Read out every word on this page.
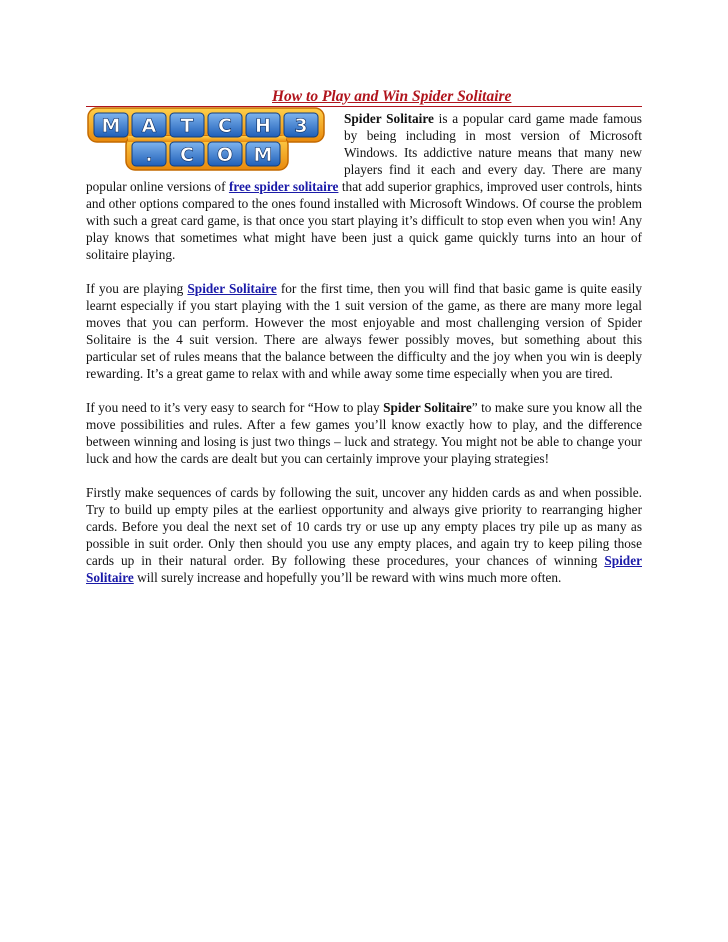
How to Play and Win Spider Solitaire
M A T C H 3
. C O M

Spider Solitaire is a popular card game made famous by being including in most version of Microsoft Windows. Its addictive nature means that many new players find it each and every day. There are many popular online versions of free spider solitaire that add superior graphics, improved user controls, hints and other options compared to the ones found installed with Microsoft Windows. Of course the problem with such a great card game, is that once you start playing it’s difficult to stop even when you win! Any play knows that sometimes what might have been just a quick game quickly turns into an hour of solitaire playing.

If you are playing Spider Solitaire for the first time, then you will find that basic game is quite easily learnt especially if you start playing with the 1 suit version of the game, as there are many more legal moves that you can perform. However the most enjoyable and most challenging version of Spider Solitaire is the 4 suit version. There are always fewer possibly moves, but something about this particular set of rules means that the balance between the difficulty and the joy when you win is deeply rewarding. It’s a great game to relax with and while away some time especially when you are tired.

If you need to it’s very easy to search for “How to play Spider Solitaire” to make sure you know all the move possibilities and rules. After a few games you’ll know exactly how to play, and the difference between winning and losing is just two things – luck and strategy. You might not be able to change your luck and how the cards are dealt but you can certainly improve your playing strategies!

Firstly make sequences of cards by following the suit, uncover any hidden cards as and when possible. Try to build up empty piles at the earliest opportunity and always give priority to rearranging higher cards. Before you deal the next set of 10 cards try or use up any empty places try pile up as many as possible in suit order. Only then should you use any empty places, and again try to keep piling those cards up in their natural order. By following these procedures, your chances of winning Spider Solitaire will surely increase and hopefully you’ll be reward with wins much more often.
